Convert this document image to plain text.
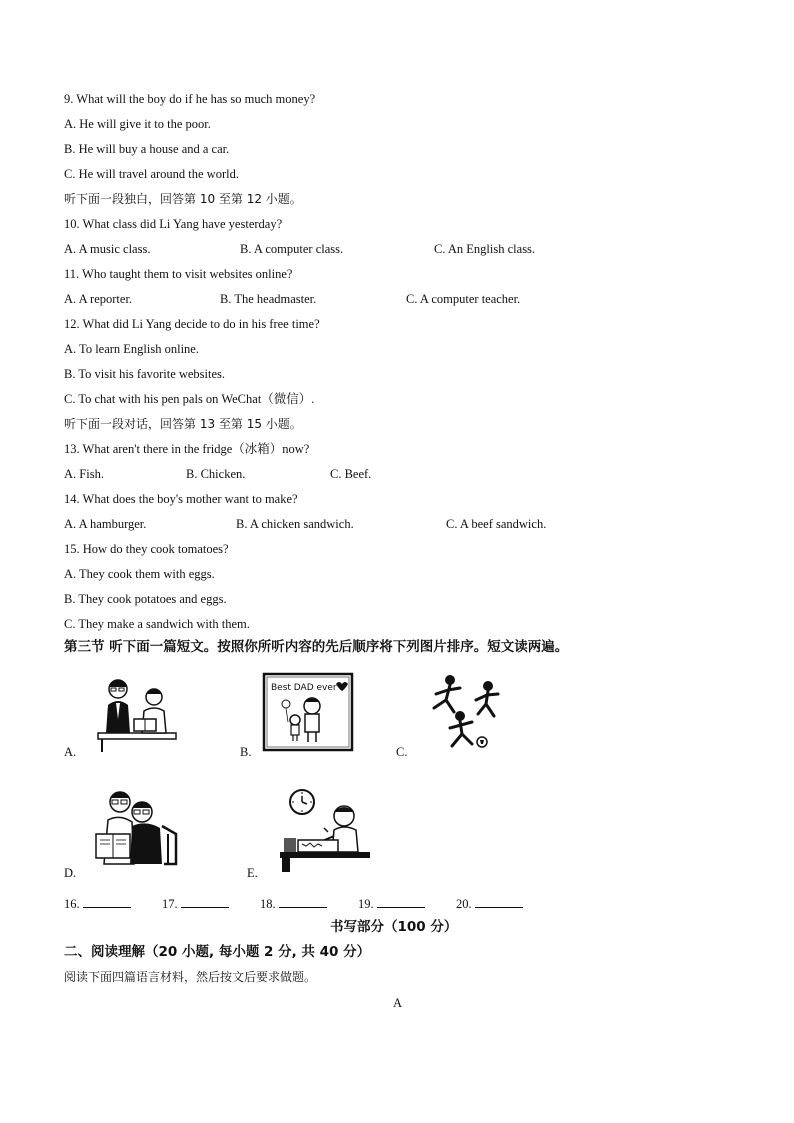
9. What will the boy do if he has so much money?
A. He will give it to the poor.
B. He will buy a house and a car.
C. He will travel around the world.
听下面一段独白，回答第 10 至第 12 小题。
10. What class did Li Yang have yesterday?
A. A music class.	B. A computer class.	C. An English class.
11. Who taught them to visit websites online?
A. A reporter.	B. The headmaster.	C. A computer teacher.
12. What did Li Yang decide to do in his free time?
A. To learn English online.
B. To visit his favorite websites.
C. To chat with his pen pals on WeChat（微信）.
听下面一段对话，回答第 13 至第 15 小题。
13. What aren't there in the fridge（冰箱）now?
A. Fish.	B. Chicken.	C. Beef.
14. What does the boy's mother want to make?
A. A hamburger.	B. A chicken sandwich.	C. A beef sandwich.
15. How do they cook tomatoes?
A. They cook them with eggs.
B. They cook potatoes and eggs.
C. They make a sandwich with them.
第三节 听下面一篇短文。按照你所听内容的先后顺序将下列图片排序。短文读两遍。
A.
Best DAD ever
B.	C.
D.	E.
16.	17.	18.	19.	20.
书写部分（100 分）
二、阅读理解（20 小题, 每小题 2 分, 共 40 分）
阅读下面四篇语言材料，然后按文后要求做题。
A
